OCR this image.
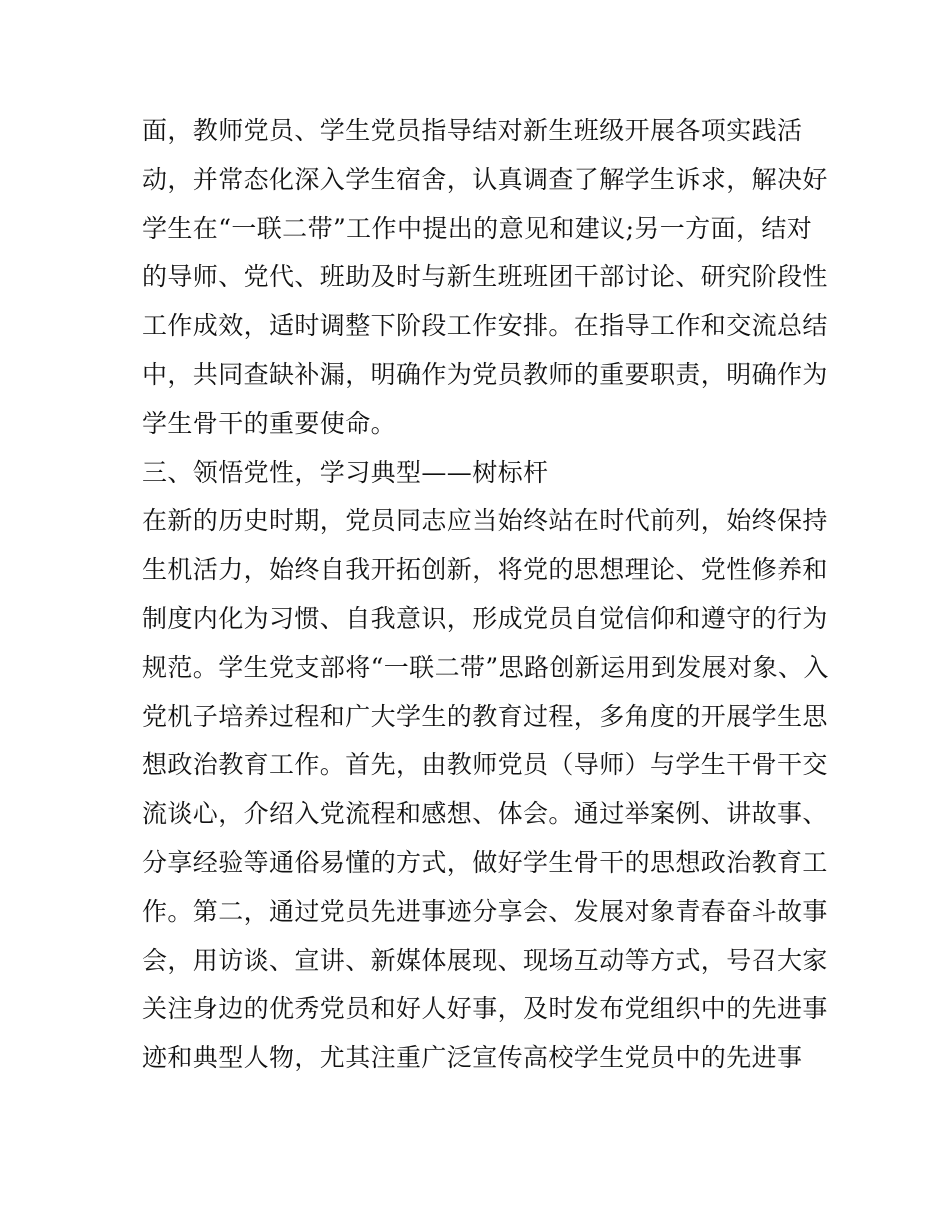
面，教师党员、学生党员指导结对新生班级开展各项实践活
动，并常态化深入学生宿舍，认真调查了解学生诉求，解决好
学生在“一联二带”工作中提出的意见和建议;另一方面，结对
的导师、党代、班助及时与新生班班团干部讨论、研究阶段性
工作成效，适时调整下阶段工作安排。在指导工作和交流总结
中，共同查缺补漏，明确作为党员教师的重要职责，明确作为
学生骨干的重要使命。
三、领悟党性，学习典型——树标杆
在新的历史时期，党员同志应当始终站在时代前列，始终保持
生机活力，始终自我开拓创新，将党的思想理论、党性修养和
制度内化为习惯、自我意识，形成党员自觉信仰和遵守的行为
规范。学生党支部将“一联二带”思路创新运用到发展对象、入
党机子培养过程和广大学生的教育过程，多角度的开展学生思
想政治教育工作。首先，由教师党员（导师）与学生干骨干交
流谈心，介绍入党流程和感想、体会。通过举案例、讲故事、
分享经验等通俗易懂的方式，做好学生骨干的思想政治教育工
作。第二，通过党员先进事迹分享会、发展对象青春奋斗故事
会，用访谈、宣讲、新媒体展现、现场互动等方式，号召大家
关注身边的优秀党员和好人好事，及时发布党组织中的先进事
迹和典型人物，尤其注重广泛宣传高校学生党员中的先进事
